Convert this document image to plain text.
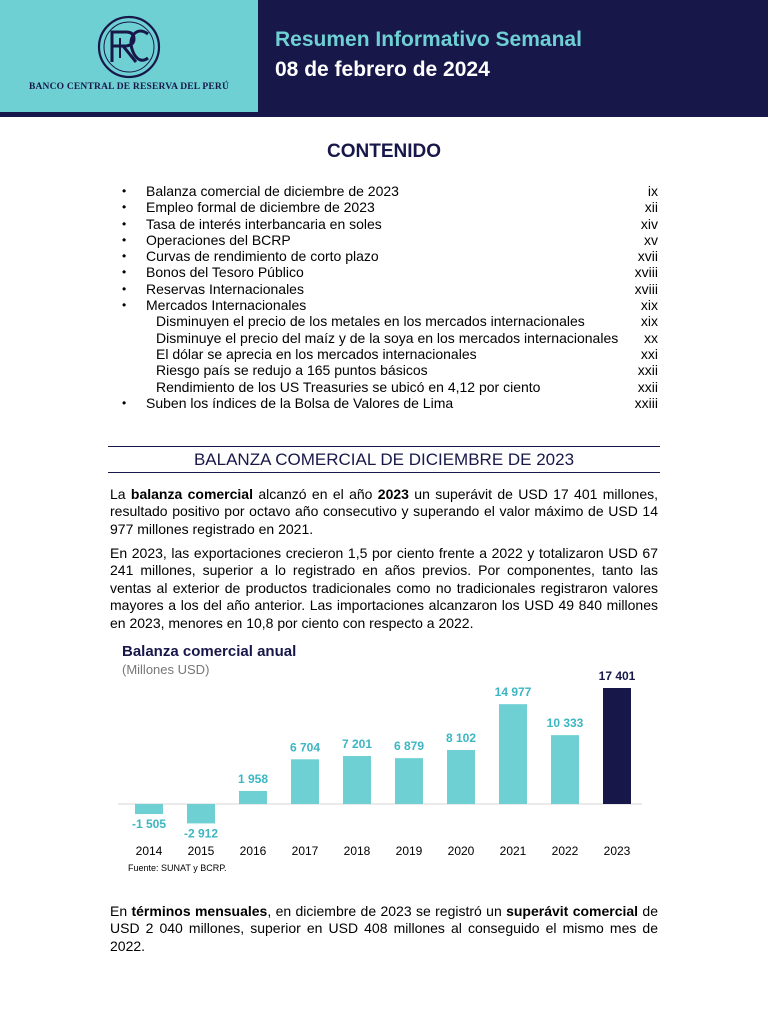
BANCO CENTRAL DE RESERVA DEL PERÚ
Resumen Informativo Semanal
08 de febrero de 2024
CONTENIDO
• Balanza comercial de diciembre de 2023	ix
• Empleo formal de diciembre de 2023	xii
• Tasa de interés interbancaria en soles	xiv
• Operaciones del BCRP	xv
• Curvas de rendimiento de corto plazo	xvii
• Bonos del Tesoro Público	xviii
• Reservas Internacionales	xviii
• Mercados Internacionales	xix
Disminuyen el precio de los metales en los mercados internacionales	xix
Disminuye el precio del maíz y de la soya en los mercados internacionales xx
El dólar se aprecia en los mercados internacionales	xxi
Riesgo país se redujo a 165 puntos básicos	xxii
Rendimiento de los US Treasuries se ubicó en 4,12 por ciento	xxii
• Suben los índices de la Bolsa de Valores de Lima	xxiii
BALANZA COMERCIAL DE DICIEMBRE DE 2023

La balanza comercial alcanzó en el año 2023 un superávit de USD 17 401 millones, resultado positivo por octavo año consecutivo y superando el valor máximo de USD 14 977 millones registrado en 2021.

En 2023, las exportaciones crecieron 1,5 por ciento frente a 2022 y totalizaron USD 67 241 millones, superior a lo registrado en años previos. Por componentes, tanto las ventas al exterior de productos tradicionales como no tradicionales registraron valores mayores a los del año anterior. Las importaciones alcanzaron los USD 49 840 millones en 2023, menores en 10,8 por ciento con respecto a 2022.

-1 505
2014
-2 912
2015
1 958
2016
6 704
2017
7 201
2018
6 879
2019
8 102
2020
14 977
2021
10 333
2022
17 401
2023
Balanza comercial anual
(Millones USD)
Fuente: SUNAT y BCRP.

En términos mensuales, en diciembre de 2023 se registró un superávit comercial de USD 2 040 millones, superior en USD 408 millones al conseguido el mismo mes de 2022.
